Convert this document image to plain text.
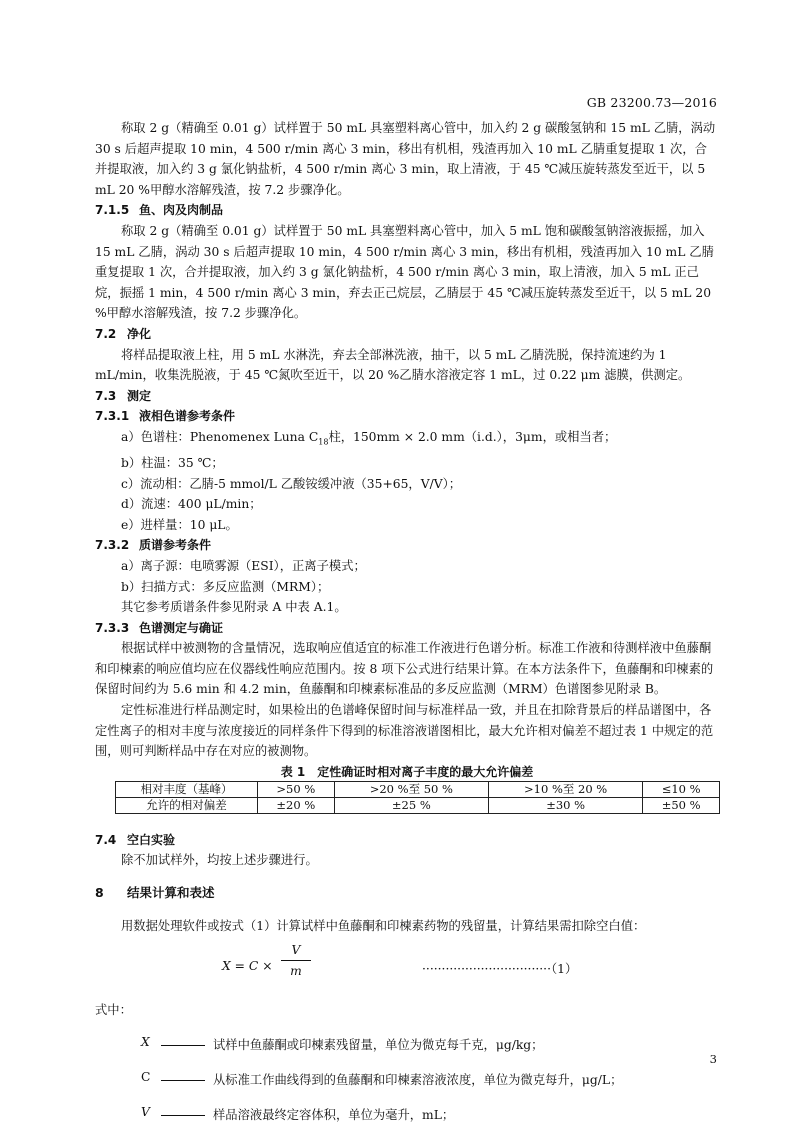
GB 23200.73—2016

称取 2 g（精确至 0.01 g）试样置于 50 mL 具塞塑料离心管中，加入约 2 g 碳酸氢钠和 15 mL 乙腈，涡动 30 s 后超声提取 10 min，4 500 r/min 离心 3 min，移出有机相，残渣再加入 10 mL 乙腈重复提取 1 次，合并提取液，加入约 3 g 氯化钠盐析，4 500 r/min 离心 3 min，取上清液，于 45 ℃减压旋转蒸发至近干，以 5 mL 20 %甲醇水溶解残渣，按 7.2 步骤净化。

7.1.5 鱼、肉及肉制品

称取 2 g（精确至 0.01 g）试样置于 50 mL 具塞塑料离心管中，加入 5 mL 饱和碳酸氢钠溶液振摇，加入 15 mL 乙腈，涡动 30 s 后超声提取 10 min，4 500 r/min 离心 3 min，移出有机相，残渣再加入 10 mL 乙腈重复提取 1 次，合并提取液，加入约 3 g 氯化钠盐析，4 500 r/min 离心 3 min，取上清液，加入 5 mL 正己烷，振摇 1 min，4 500 r/min 离心 3 min，弃去正己烷层，乙腈层于 45 ℃减压旋转蒸发至近干，以 5 mL 20 %甲醇水溶解残渣，按 7.2 步骤净化。

7.2 净化

将样品提取液上柱，用 5 mL 水淋洗，弃去全部淋洗液，抽干，以 5 mL 乙腈洗脱，保持流速约为 1 mL/min，收集洗脱液，于 45 ℃氮吹至近干，以 20 %乙腈水溶液定容 1 mL，过 0.22 μm 滤膜，供测定。

7.3 测定
7.3.1 液相色谱参考条件

a）色谱柱：Phenomenex Luna $C_{18}$柱，150mm × 2.0 mm（i.d.），3μm，或相当者；

b）柱温：35 ℃；

c）流动相：乙腈-5 mmol/L 乙酸铵缓冲液（35+65，V/V）；

d）流速：400 μL/min；

e）进样量：10 μL。

7.3.2 质谱参考条件

a）离子源：电喷雾源（ESI），正离子模式；

b）扫描方式：多反应监测（MRM）；

其它参考质谱条件参见附录 A 中表 A.1。

7.3.3 色谱测定与确证

根据试样中被测物的含量情况，选取响应值适宜的标准工作液进行色谱分析。标准工作液和待测样液中鱼藤酮和印楝素的响应值均应在仪器线性响应范围内。按 8 项下公式进行结果计算。在本方法条件下，鱼藤酮和印楝素的保留时间约为 5.6 min 和 4.2 min，鱼藤酮和印楝素标准品的多反应监测（MRM）色谱图参见附录 B。

定性标准进行样品测定时，如果检出的色谱峰保留时间与标准样品一致，并且在扣除背景后的样品谱图中，各定性离子的相对丰度与浓度接近的同样条件下得到的标准溶液谱图相比，最大允许相对偏差不超过表 1 中规定的范围，则可判断样品中存在对应的被测物。

表 1　定性确证时相对离子丰度的最大允许偏差
相对丰度（基峰）	>50 %	>20 %至 50 %	>10 %至 20 %	≤10 %
允许的相对偏差	±20 %	±25 %	±30 %	±50 %
7.4 空白实验

除不加试样外，均按上述步骤进行。

8 结果计算和表述

用数据处理软件或按式（1）计算试样中鱼藤酮和印楝素药物的残留量，计算结果需扣除空白值：

$X = C \times \frac{V}{m}$	·································（1）

式中：

X	试样中鱼藤酮或印楝素残留量，单位为微克每千克，μg/kg；
C	从标准工作曲线得到的鱼藤酮和印楝素溶液浓度，单位为微克每升，μg/L；
V	样品溶液最终定容体积，单位为毫升，mL；
3
